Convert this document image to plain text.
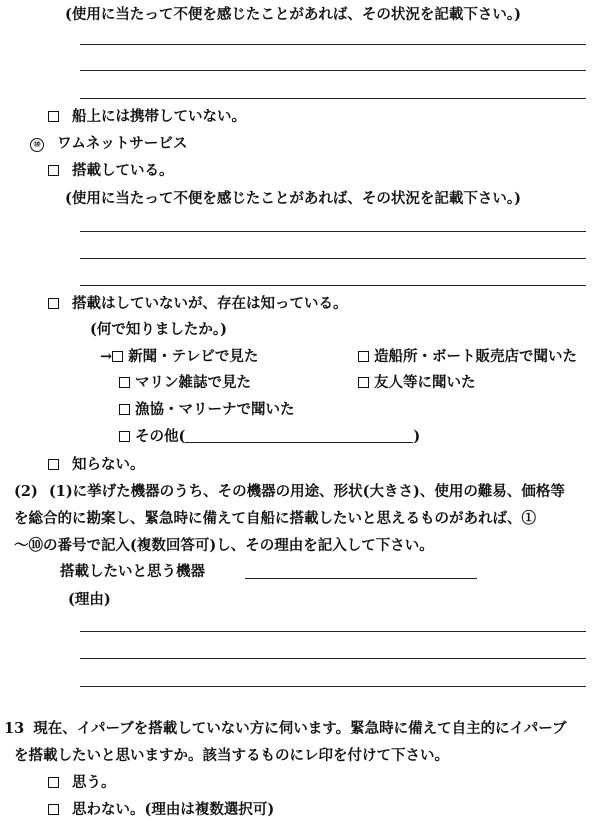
(使用に当たって不便を感じたことがあれば、その状況を記載下さい。)
船上には携帯していない。
⑩ ワムネットサービス
搭載している。
(使用に当たって不便を感じたことがあれば、その状況を記載下さい。)
搭載はしていないが、存在は知っている。
(何で知りましたか。)
→ 新聞・テレビで見た	造船所・ボート販売店で聞いた
マリン雑誌で見た	友人等に聞いた
漁協・マリーナで聞いた
その他(	)
知らない。
(2) (1)に挙げた機器のうち、その機器の用途、形状(大きさ)、使用の難易、価格等
を総合的に勘案し、緊急時に備えて自船に搭載したいと思えるものがあれば、①
〜⑩の番号で記入(複数回答可)し、その理由を記入して下さい。
搭載したいと思う機器
(理由)
13 現在、イパーブを搭載していない方に伺います。緊急時に備えて自主的にイパーブ
を搭載したいと思いますか。該当するものにレ印を付けて下さい。
思う。
思わない。(理由は複数選択可)
